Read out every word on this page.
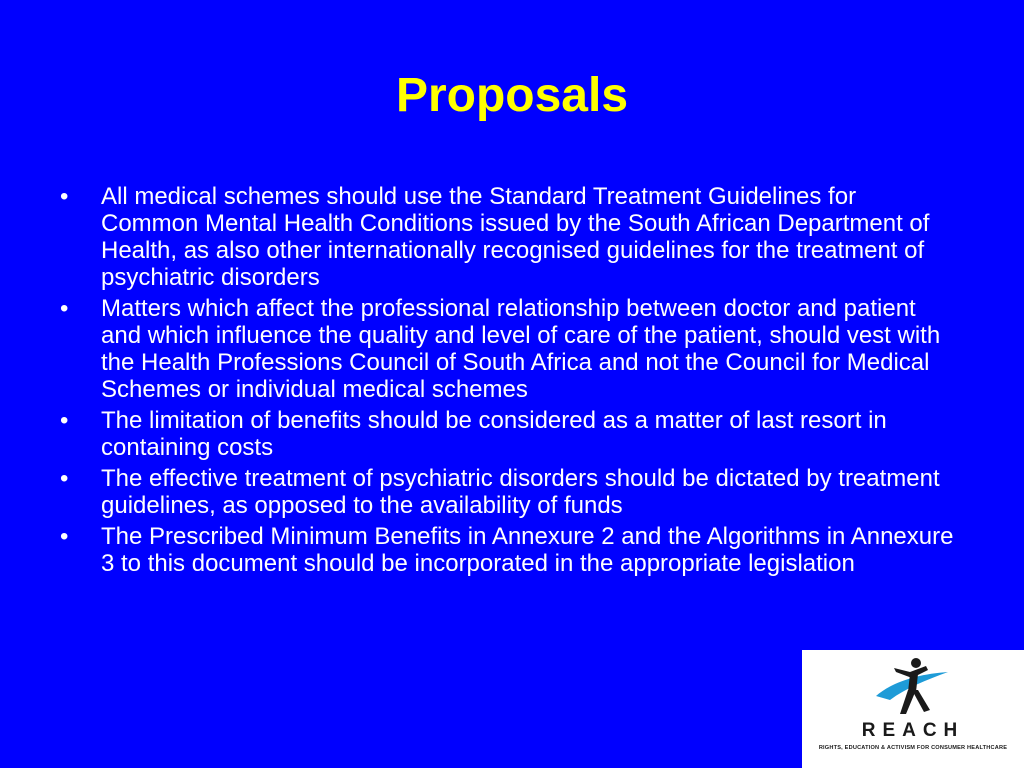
Proposals
•	All medical schemes should use the Standard Treatment Guidelines for Common Mental Health Conditions issued by the South African Department of Health, as also other internationally recognised guidelines for the treatment of psychiatric disorders
•	Matters which affect the professional relationship between doctor and patient and which influence the quality and level of care of the patient, should vest with the Health Professions Council of South Africa and not the Council for Medical Schemes or individual medical schemes
•	The limitation of benefits should be considered as a matter of last resort in containing costs
•	The effective treatment of psychiatric disorders should be dictated by treatment guidelines, as opposed to the availability of funds
•	The Prescribed Minimum Benefits in Annexure 2 and the Algorithms in Annexure 3 to this document should be incorporated in the appropriate legislation
REACH
RIGHTS, EDUCATION & ACTIVISM FOR CONSUMER HEALTHCARE
